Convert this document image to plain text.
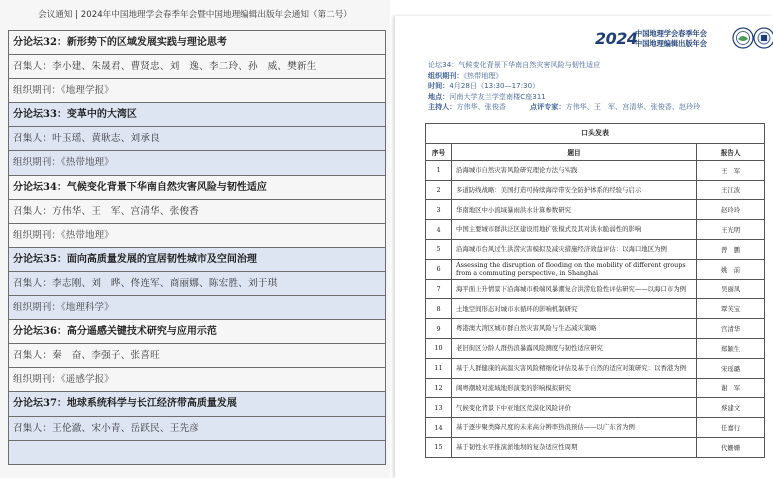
会议通知 | 2024年中国地理学会春季年会暨中国地理编辑出版年会通知（第二号）
分论坛32：新形势下的区域发展实践与理论思考
召集人：李小建、朱晟君、曹贤忠、刘　逸、李二玲、孙　威、樊新生
组织期刊：《地理学报》
分论坛33：变革中的大湾区
召集人：叶玉瑶、黄耿志、刘承良
组织期刊：《热带地理》
分论坛34：气候变化背景下华南自然灾害风险与韧性适应
召集人：方伟华、王　军、宫清华、张俊香
组织期刊：《热带地理》
分论坛35：面向高质量发展的宜居韧性城市及空间治理
召集人：李志刚、刘　晔、佟连军、商丽娜、陈宏胜、刘于琪
组织期刊：《地理科学》
分论坛36：高分遥感关键技术研究与应用示范
召集人：秦　奋、李强子、张喜旺
组织期刊：《遥感学报》
分论坛37：地球系统科学与长江经济带高质量发展
召集人：王伦澈、宋小青、岳跃民、王先彦
2024
中国地理学会春季年会
中国地理编辑出版年会
论坛34：气候变化背景下华南自然灾害风险与韧性适应
组织期刊：《热带地理》
时间：4月28日（13:30—17:30）
地点：河南大学友兰学堂南楼C座311
主持人：方伟华、张俊香	点评专家：方伟华、王　军、宫清华、张俊香、赵玲玲
口头发表		
序号	题目	报告人
1	沿海城市自然灾害风险研究理论方法与实践	王　军
2	多道防线战略：美国打造可持续海岸带安全防护体系的经验与启示	王江波
3	华南地区中小流域暴雨洪水计算参数研究	赵玲玲
4	中国主要城市群洪泛区建设用地扩张模式及其对洪水脆弱性的影响	王光明
5	沿海城市台风过生洪涝灾害模拟及减灾措施经济效益评估：以海口地区为例	曾　鹏
6	Assessing the disruption of flooding on the mobility of different groups from a commuting perspective, in Shanghai	姚　前
7	海平面上升情景下沿海城市极端风暴潮复合洪涝危险性评估研究——以海口市为例	吴丽凤
8	土地空间形态对城市水循环的影响机制研究	覃芙宝
9	粤港澳大湾区城市群自然灾害风险与生态减灾策略	宫清华
10	老旧街区分龄人群热浪暴露风险测度与韧性适应研究	郑颖生
11	基于人群健康的高温灾害风险精细化评估及基于自然的适应对策研究：以香港为例	宋瑶璐
12	闽粤潮坡对流域地形演变的影响模拟研究	谢　军
13	气候变化背景下中亚地区荒漠化风险评价	蔡建文
14	基于逐步聚类降尺度的未来高分辨率热浪预估——以广东省为例	任嘉行
15	基于韧性水平推演淤地坝的复杂适应性周期	代姗姗
